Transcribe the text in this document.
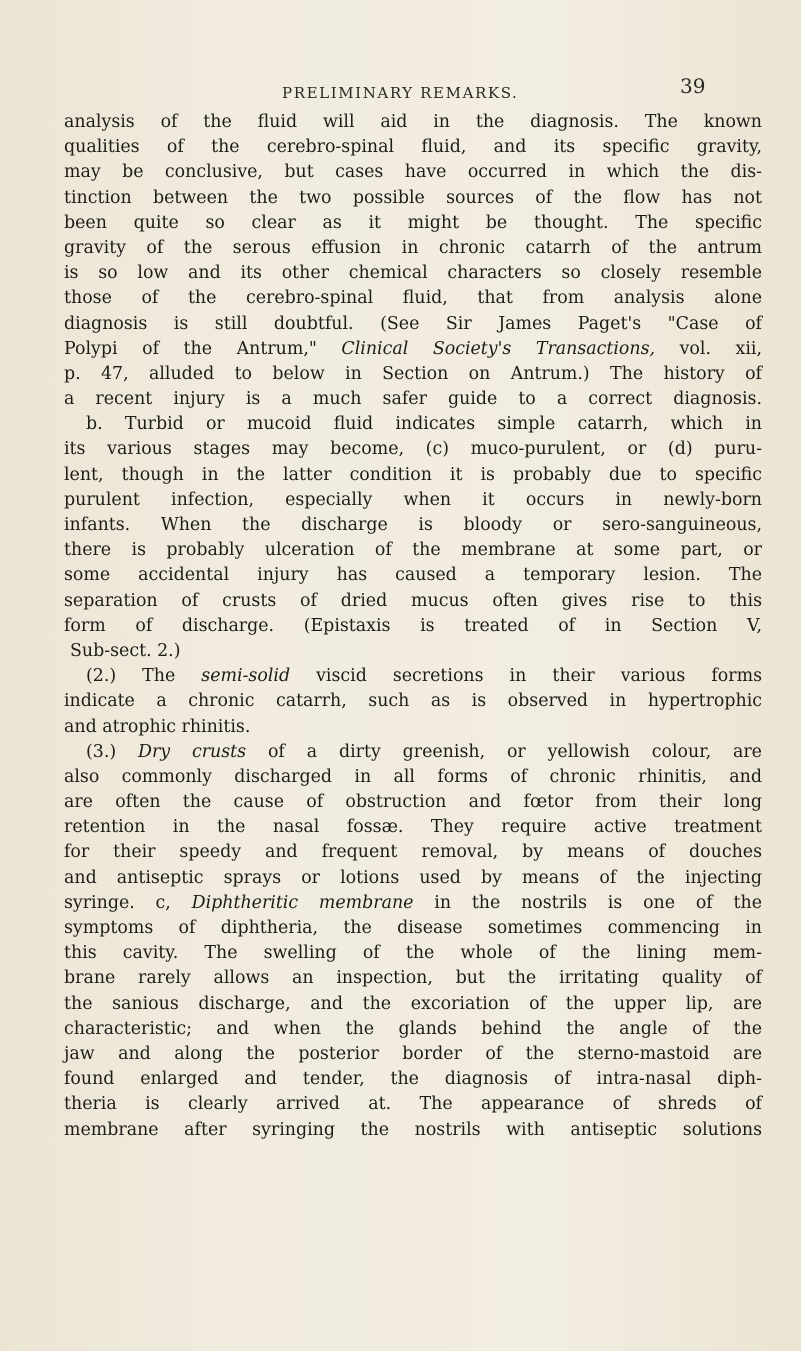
PRELIMINARY REMARKS.	39
analysis of the fluid will aid in the diagnosis. The known
qualities of the cerebro-spinal fluid, and its specific gravity,
may be conclusive, but cases have occurred in which the dis-
tinction between the two possible sources of the flow has not
been quite so clear as it might be thought. The specific
gravity of the serous effusion in chronic catarrh of the antrum
is so low and its other chemical characters so closely resemble
those of the cerebro-spinal fluid, that from analysis alone
diagnosis is still doubtful. (See Sir James Paget's "Case of
Polypi of the Antrum," Clinical Society's Transactions, vol. xii,
p. 47, alluded to below in Section on Antrum.) The history of
a recent injury is a much safer guide to a correct diagnosis.
b. Turbid or mucoid fluid indicates simple catarrh, which in
its various stages may become, (c) muco-purulent, or (d) puru-
lent, though in the latter condition it is probably due to specific
purulent infection, especially when it occurs in newly-born
infants. When the discharge is bloody or sero-sanguineous,
there is probably ulceration of the membrane at some part, or
some accidental injury has caused a temporary lesion. The
separation of crusts of dried mucus often gives rise to this
form of discharge. (Epistaxis is treated of in Section V,
Sub-sect. 2.)
(2.) The semi-solid viscid secretions in their various forms
indicate a chronic catarrh, such as is observed in hypertrophic
and atrophic rhinitis.
(3.) Dry crusts of a dirty greenish, or yellowish colour, are
also commonly discharged in all forms of chronic rhinitis, and
are often the cause of obstruction and fœtor from their long
retention in the nasal fossæ. They require active treatment
for their speedy and frequent removal, by means of douches
and antiseptic sprays or lotions used by means of the injecting
syringe. c, Diphtheritic membrane in the nostrils is one of the
symptoms of diphtheria, the disease sometimes commencing in
this cavity. The swelling of the whole of the lining mem-
brane rarely allows an inspection, but the irritating quality of
the sanious discharge, and the excoriation of the upper lip, are
characteristic; and when the glands behind the angle of the
jaw and along the posterior border of the sterno-mastoid are
found enlarged and tender, the diagnosis of intra-nasal diph-
theria is clearly arrived at. The appearance of shreds of
membrane after syringing the nostrils with antiseptic solutions
